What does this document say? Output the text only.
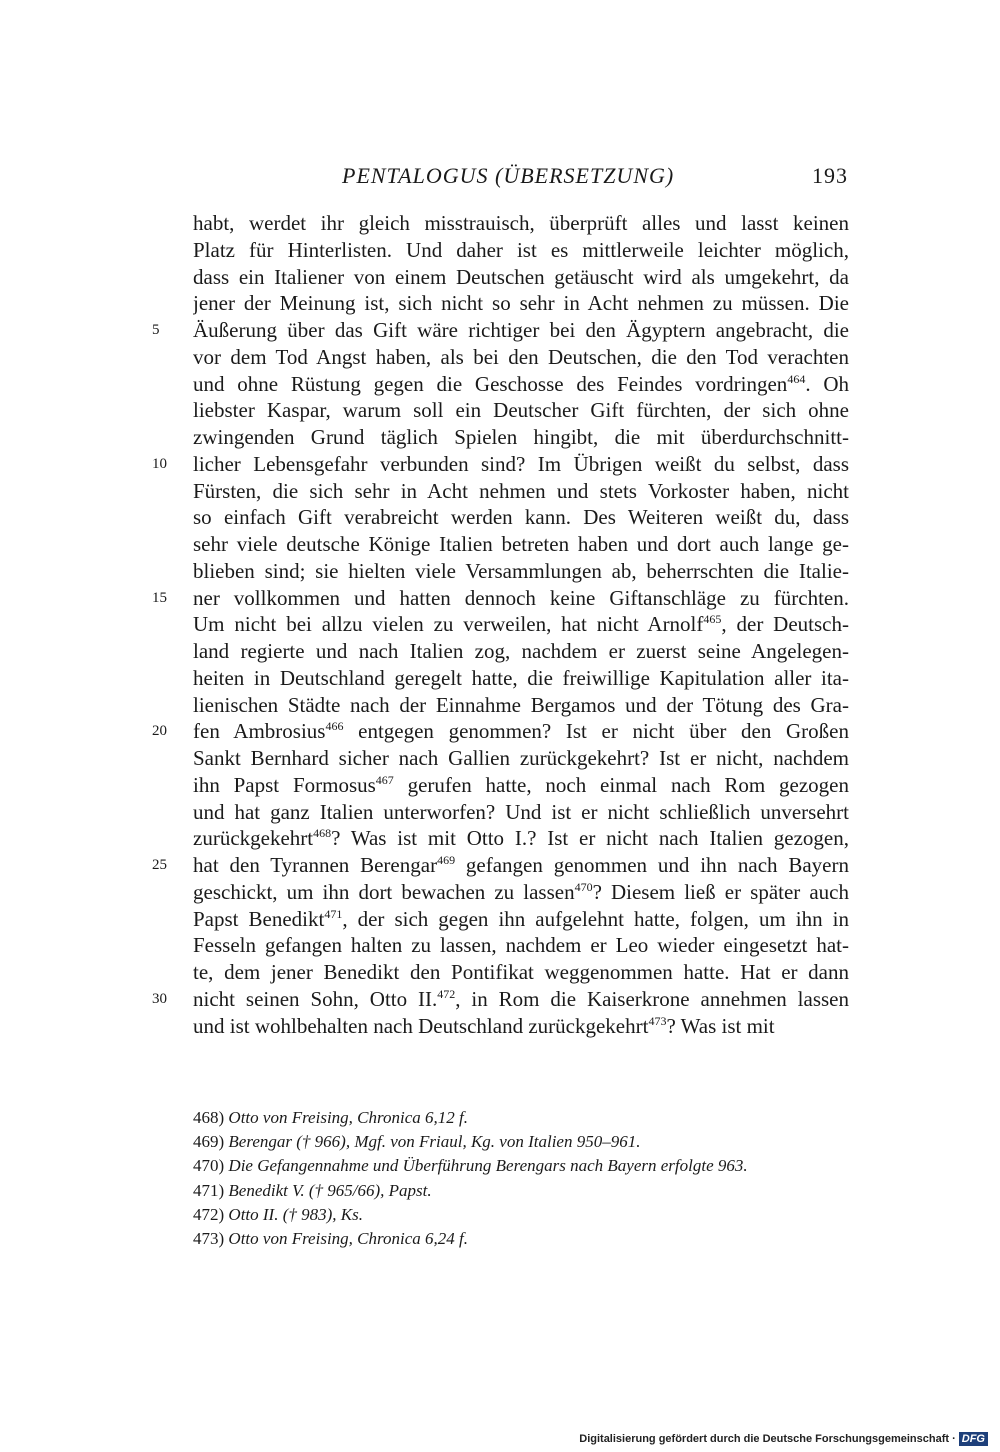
PENTALOGUS (ÜBERSETZUNG)	193
habt, werdet ihr gleich misstrauisch, überprüft alles und lasst keinen
Platz für Hinterlisten. Und daher ist es mittlerweile leichter möglich,
dass ein Italiener von einem Deutschen getäuscht wird als umgekehrt, da
jener der Meinung ist, sich nicht so sehr in Acht nehmen zu müssen. Die
5	Äußerung über das Gift wäre richtiger bei den Ägyptern angebracht, die
vor dem Tod Angst haben, als bei den Deutschen, die den Tod verachten
und ohne Rüstung gegen die Geschosse des Feindes vordringen$^{464}$. Oh
liebster Kaspar, warum soll ein Deutscher Gift fürchten, der sich ohne
zwingenden Grund täglich Spielen hingibt, die mit überdurchschnitt-
10	licher Lebensgefahr verbunden sind? Im Übrigen weißt du selbst, dass
Fürsten, die sich sehr in Acht nehmen und stets Vorkoster haben, nicht
so einfach Gift verabreicht werden kann. Des Weiteren weißt du, dass
sehr viele deutsche Könige Italien betreten haben und dort auch lange ge-
blieben sind; sie hielten viele Versammlungen ab, beherrschten die Italie-
15	ner vollkommen und hatten dennoch keine Giftanschläge zu fürchten.
Um nicht bei allzu vielen zu verweilen, hat nicht Arnolf$^{465}$, der Deutsch-
land regierte und nach Italien zog, nachdem er zuerst seine Angelegen-
heiten in Deutschland geregelt hatte, die freiwillige Kapitulation aller ita-
lienischen Städte nach der Einnahme Bergamos und der Tötung des Gra-
20	fen Ambrosius$^{466}$ entgegen genommen? Ist er nicht über den Großen
Sankt Bernhard sicher nach Gallien zurückgekehrt? Ist er nicht, nachdem
ihn Papst Formosus$^{467}$ gerufen hatte, noch einmal nach Rom gezogen
und hat ganz Italien unterworfen? Und ist er nicht schließlich unversehrt
zurückgekehrt$^{468}$? Was ist mit Otto I.? Ist er nicht nach Italien gezogen,
25	hat den Tyrannen Berengar$^{469}$ gefangen genommen und ihn nach Bayern
geschickt, um ihn dort bewachen zu lassen$^{470}$? Diesem ließ er später auch
Papst Benedikt$^{471}$, der sich gegen ihn aufgelehnt hatte, folgen, um ihn in
Fesseln gefangen halten zu lassen, nachdem er Leo wieder eingesetzt hat-
te, dem jener Benedikt den Pontifikat weggenommen hatte. Hat er dann
30	nicht seinen Sohn, Otto II.$^{472}$, in Rom die Kaiserkrone annehmen lassen
und ist wohlbehalten nach Deutschland zurückgekehrt$^{473}$? Was ist mit
468) Otto von Freising, Chronica 6,12 f.
469) Berengar († 966), Mgf. von Friaul, Kg. von Italien 950–961.
470) Die Gefangennahme und Überführung Berengars nach Bayern erfolgte 963.
471) Benedikt V. († 965/66), Papst.
472) Otto II. († 983), Ks.
473) Otto von Freising, Chronica 6,24 f.
Digitalisierung gefördert durch die Deutsche Forschungsgemeinschaft · DFG
